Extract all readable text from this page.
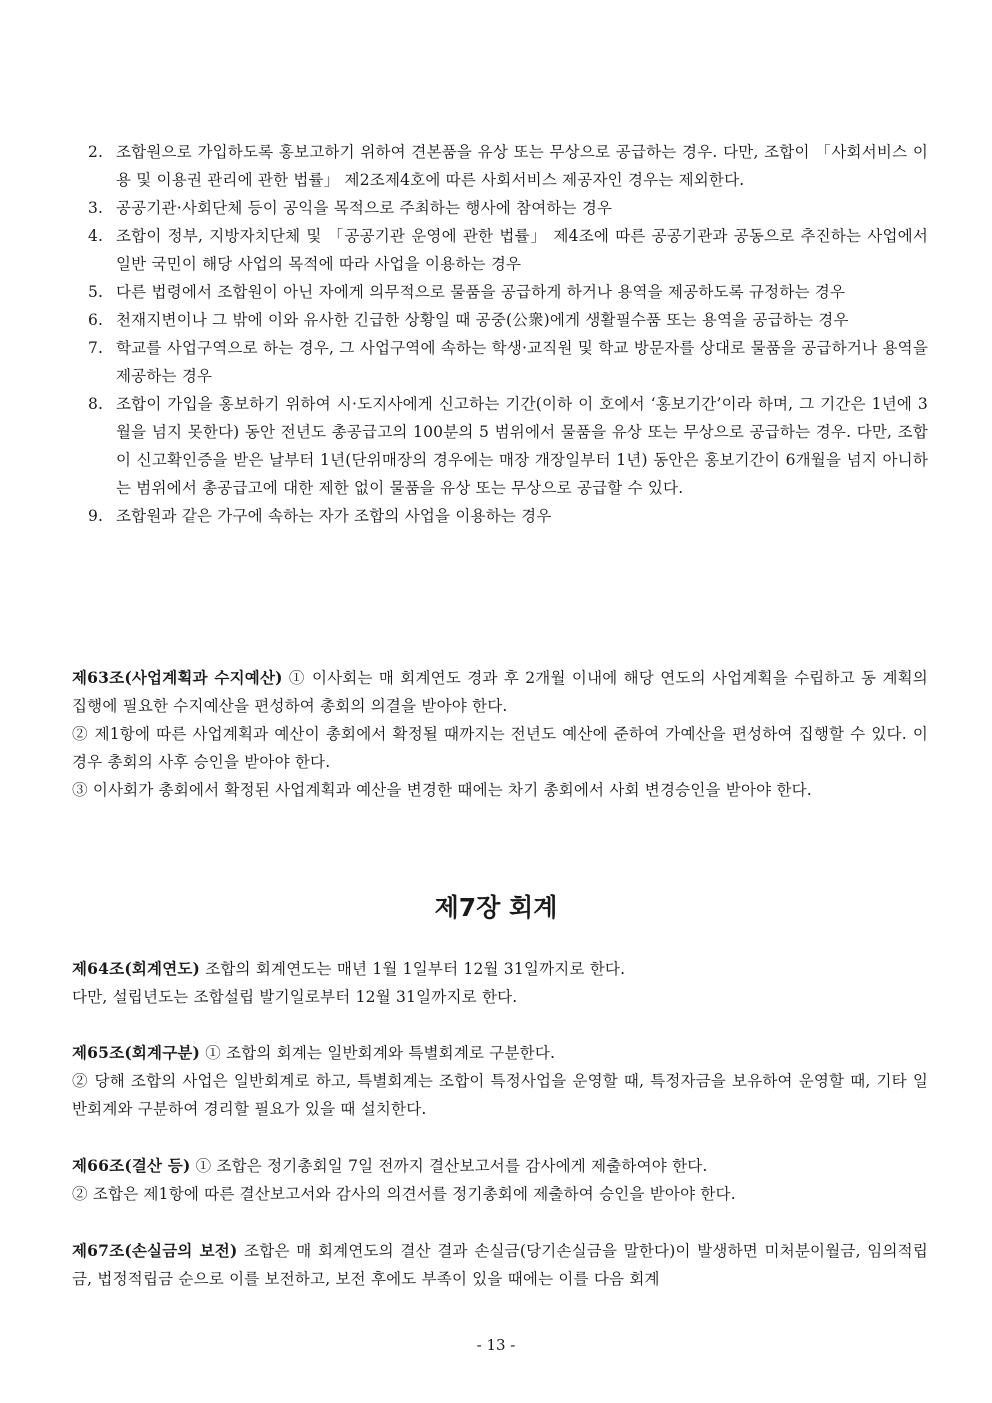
2. 조합원으로 가입하도록 홍보고하기 위하여 견본품을 유상 또는 무상으로 공급하는 경우. 다만, 조합이 「사회서비스 이용 및 이용권 관리에 관한 법률」 제2조제4호에 따른 사회서비스 제공자인 경우는 제외한다.
3. 공공기관·사회단체 등이 공익을 목적으로 주최하는 행사에 참여하는 경우
4. 조합이 정부, 지방자치단체 및 「공공기관 운영에 관한 법률」 제4조에 따른 공공기관과 공동으로 추진하는 사업에서 일반 국민이 해당 사업의 목적에 따라 사업을 이용하는 경우
5. 다른 법령에서 조합원이 아닌 자에게 의무적으로 물품을 공급하게 하거나 용역을 제공하도록 규정하는 경우
6. 천재지변이나 그 밖에 이와 유사한 긴급한 상황일 때 공중(公衆)에게 생활필수품 또는 용역을 공급하는 경우
7. 학교를 사업구역으로 하는 경우, 그 사업구역에 속하는 학생·교직원 및 학교 방문자를 상대로 물품을 공급하거나 용역을 제공하는 경우
8. 조합이 가입을 홍보하기 위하여 시·도지사에게 신고하는 기간(이하 이 호에서 ‘홍보기간’이라 하며, 그 기간은 1년에 3월을 넘지 못한다) 동안 전년도 총공급고의 100분의 5 범위에서 물품을 유상 또는 무상으로 공급하는 경우. 다만, 조합이 신고확인증을 받은 날부터 1년(단위매장의 경우에는 매장 개장일부터 1년) 동안은 홍보기간이 6개월을 넘지 아니하는 범위에서 총공급고에 대한 제한 없이 물품을 유상 또는 무상으로 공급할 수 있다.
9. 조합원과 같은 가구에 속하는 자가 조합의 사업을 이용하는 경우

제63조(사업계획과 수지예산) ① 이사회는 매 회계연도 경과 후 2개월 이내에 해당 연도의 사업계획을 수립하고 동 계획의 집행에 필요한 수지예산을 편성하여 총회의 의결을 받아야 한다.

② 제1항에 따른 사업계획과 예산이 총회에서 확정될 때까지는 전년도 예산에 준하여 가예산을 편성하여 집행할 수 있다. 이 경우 총회의 사후 승인을 받아야 한다.

③ 이사회가 총회에서 확정된 사업계획과 예산을 변경한 때에는 차기 총회에서 사회 변경승인을 받아야 한다.

제7장 회계

제64조(회계연도) 조합의 회계연도는 매년 1월 1일부터 12월 31일까지로 한다.

다만, 설립년도는 조합설립 발기일로부터 12월 31일까지로 한다.

제65조(회계구분) ① 조합의 회계는 일반회계와 특별회계로 구분한다.

② 당해 조합의 사업은 일반회계로 하고, 특별회계는 조합이 특정사업을 운영할 때, 특정자금을 보유하여 운영할 때, 기타 일반회계와 구분하여 경리할 필요가 있을 때 설치한다.

제66조(결산 등) ① 조합은 정기총회일 7일 전까지 결산보고서를 감사에게 제출하여야 한다.

② 조합은 제1항에 따른 결산보고서와 감사의 의견서를 정기총회에 제출하여 승인을 받아야 한다.

제67조(손실금의 보전) 조합은 매 회계연도의 결산 결과 손실금(당기손실금을 말한다)이 발생하면 미처분이월금, 임의적립금, 법정적립금 순으로 이를 보전하고, 보전 후에도 부족이 있을 때에는 이를 다음 회계

- 13 -
